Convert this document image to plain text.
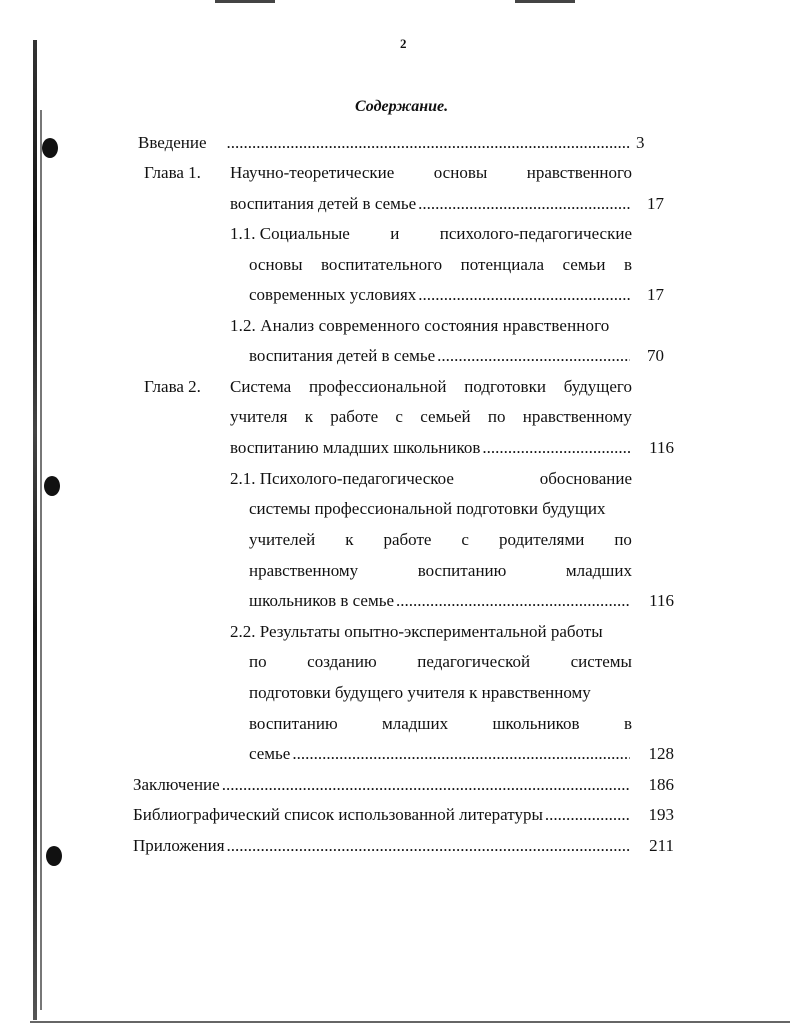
2
Содержание.
Введение .....	3
Глава 1. Научно-теоретические основы нравственного
воспитания детей в семье .....	17
1.1. Социальные и психолого-педагогические
основы воспитательного потенциала семьи в
современных условиях .....	17
1.2. Анализ современного состояния нравственного
воспитания детей в семье .....	70
Глава 2. Система профессиональной подготовки будущего
учителя к работе с семьей по нравственному
воспитанию младших школьников .....	116
2.1. Психолого-педагогическое	обоснование
системы профессиональной подготовки будущих
учителей к работе с родителями по
нравственному	воспитанию	младших
школьников в семье .....	116
2.2. Результаты опытно-экспериментальной работы
по созданию педагогической системы
подготовки будущего учителя к нравственному
воспитанию	младших	школьников	в
семье .....	128
Заключение .....	186
Библиографический список использованной литературы .....	193
Приложения .....	211
